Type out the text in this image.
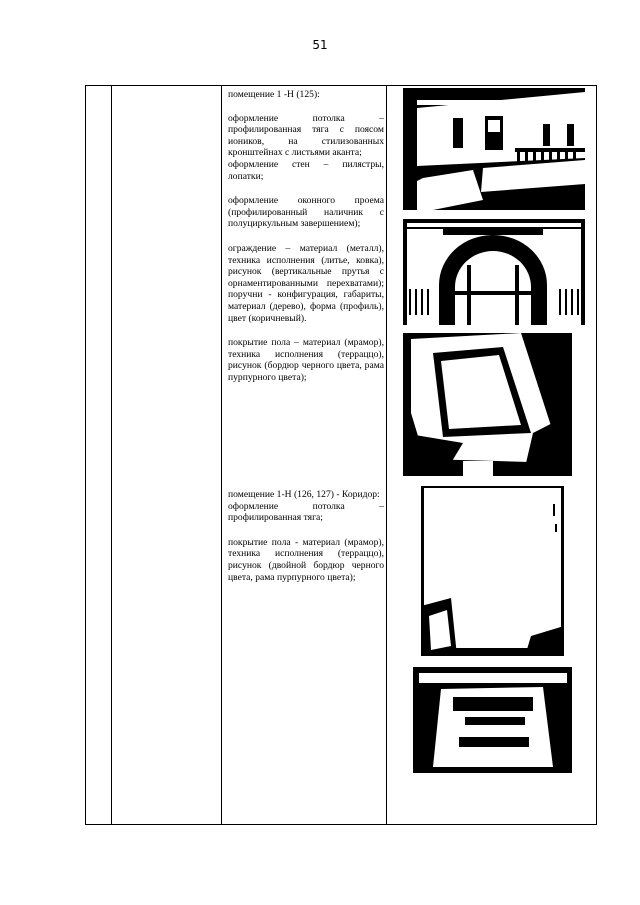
51

помещение 1 -Н (125):

оформление потолка – профилированная тяга с поясом иоников, на стилизованных кронштейнах с листьями аканта;

оформление стен – пилястры, лопатки;

оформление оконного проема (профилированный наличник с полуциркульным завершением);

ограждение – материал (металл), техника исполнения (литье, ковка), рисунок (вертикальные прутья с орнаментированными перехватами); поручни - конфигурация, габариты, материал (дерево), форма (профиль), цвет (коричневый).

покрытие пола – материал (мрамор), техника исполнения (терраццо), рисунок (бордюр черного цвета, рама пурпурного цвета);

помещение 1-Н (126, 127) - Коридор:

оформление потолка – профилированная тяга;

покрытие пола - материал (мрамор), техника исполнения (терраццо), рисунок (двойной бордюр черного цвета, рама пурпурного цвета);
